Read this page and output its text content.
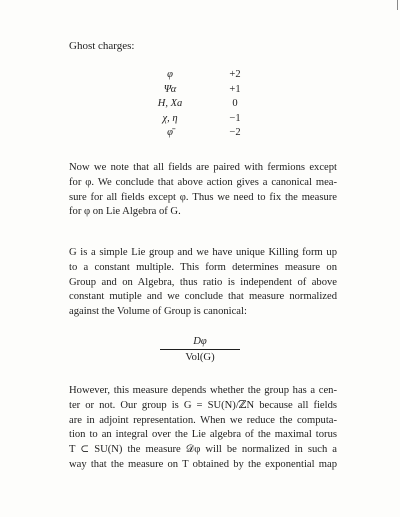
Ghost charges:
φ	+2
Ψα	+1
H, Xa	0
χ, η	−1
φ̄	−2
Now we note that all fields are paired with fermions except
for φ. We conclude that above action gives a canonical mea-
sure for all fields except φ. Thus we need to fix the measure
for φ on Lie Algebra of G.
G is a simple Lie group and we have unique Killing form up
to a constant multiple. This form determines measure on
Group and on Algebra, thus ratio is independent of above
constant mutiple and we conclude that measure normalized
against the Volume of Group is canonical:
Dφ
Vol(G)
However, this measure depends whether the group has a cen-
ter or not. Our group is G = SU(N)/ℤN because all fields
are in adjoint representation. When we reduce the computa-
tion to an integral over the Lie algebra of the maximal torus
T ⊂ SU(N) the measure 𝒟φ will be normalized in such a
way that the measure on T obtained by the exponential map
